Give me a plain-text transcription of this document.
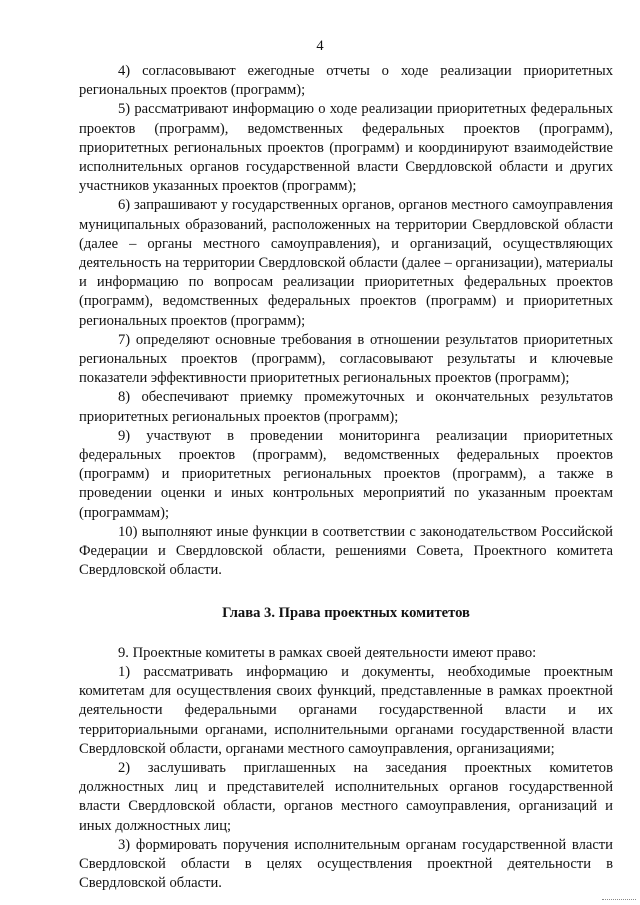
4

4) согласовывают ежегодные отчеты о ходе реализации приоритетных региональных проектов (программ);

5) рассматривают информацию о ходе реализации приоритетных федеральных проектов (программ), ведомственных федеральных проектов (программ), приоритетных региональных проектов (программ) и координируют взаимодействие исполнительных органов государственной власти Свердловской области и других участников указанных проектов (программ);

6) запрашивают у государственных органов, органов местного самоуправления муниципальных образований, расположенных на территории Свердловской области (далее – органы местного самоуправления), и организаций, осуществляющих деятельность на территории Свердловской области (далее – организации), материалы и информацию по вопросам реализации приоритетных федеральных проектов (программ), ведомственных федеральных проектов (программ) и приоритетных региональных проектов (программ);

7) определяют основные требования в отношении результатов приоритетных региональных проектов (программ), согласовывают результаты и ключевые показатели эффективности приоритетных региональных проектов (программ);

8) обеспечивают приемку промежуточных и окончательных результатов приоритетных региональных проектов (программ);

9) участвуют в проведении мониторинга реализации приоритетных федеральных проектов (программ), ведомственных федеральных проектов (программ) и приоритетных региональных проектов (программ), а также в проведении оценки и иных контрольных мероприятий по указанным проектам (программам);

10) выполняют иные функции в соответствии с законодательством Российской Федерации и Свердловской области, решениями Совета, Проектного комитета Свердловской области.

Глава 3. Права проектных комитетов

9. Проектные комитеты в рамках своей деятельности имеют право:

1) рассматривать информацию и документы, необходимые проектным комитетам для осуществления своих функций, представленные в рамках проектной деятельности федеральными органами государственной власти и их территориальными органами, исполнительными органами государственной власти Свердловской области, органами местного самоуправления, организациями;

2) заслушивать приглашенных на заседания проектных комитетов должностных лиц и представителей исполнительных органов государственной власти Свердловской области, органов местного самоуправления, организаций и иных должностных лиц;

3) формировать поручения исполнительным органам государственной власти Свердловской области в целях осуществления проектной деятельности в Свердловской области.
